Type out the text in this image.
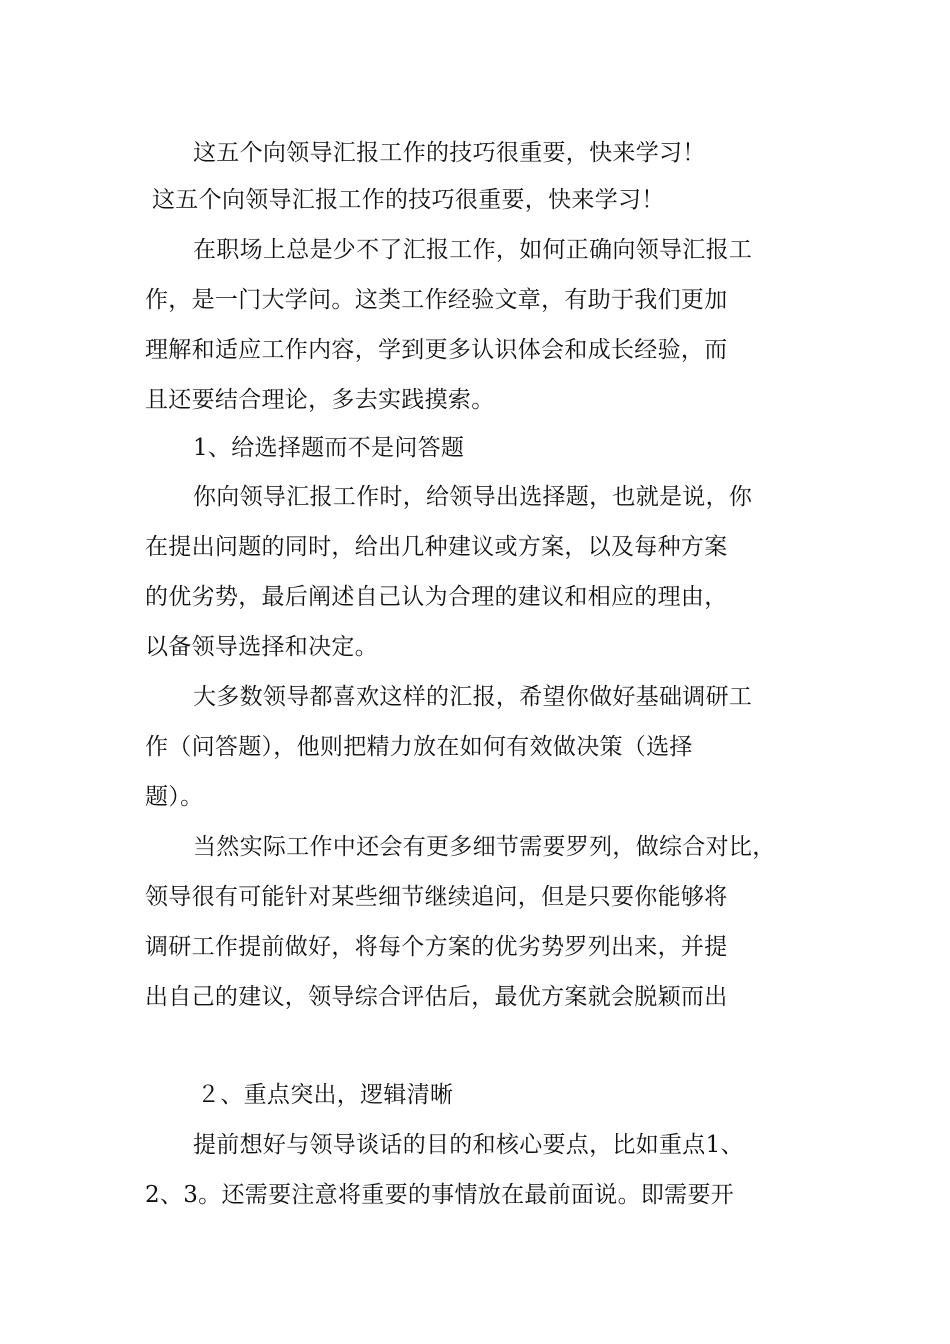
这五个向领导汇报工作的技巧很重要，快来学习！

这五个向领导汇报工作的技巧很重要，快来学习！

在职场上总是少不了汇报工作，如何正确向领导汇报工

作，是一门大学问。这类工作经验文章，有助于我们更加

理解和适应工作内容，学到更多认识体会和成长经验，而

且还要结合理论，多去实践摸索。

1、给选择题而不是问答题

你向领导汇报工作时，给领导出选择题，也就是说，你

在提出问题的同时，给出几种建议或方案，以及每种方案

的优劣势，最后阐述自己认为合理的建议和相应的理由，

以备领导选择和决定。

大多数领导都喜欢这样的汇报，希望你做好基础调研工

作（问答题），他则把精力放在如何有效做决策（选择

题）。

当然实际工作中还会有更多细节需要罗列，做综合对比，

领导很有可能针对某些细节继续追问，但是只要你能够将

调研工作提前做好，将每个方案的优劣势罗列出来，并提

出自己的建议，领导综合评估后，最优方案就会脱颖而出

２、重点突出，逻辑清晰

提前想好与领导谈话的目的和核心要点，比如重点1、

2、3。还需要注意将重要的事情放在最前面说。即需要开
